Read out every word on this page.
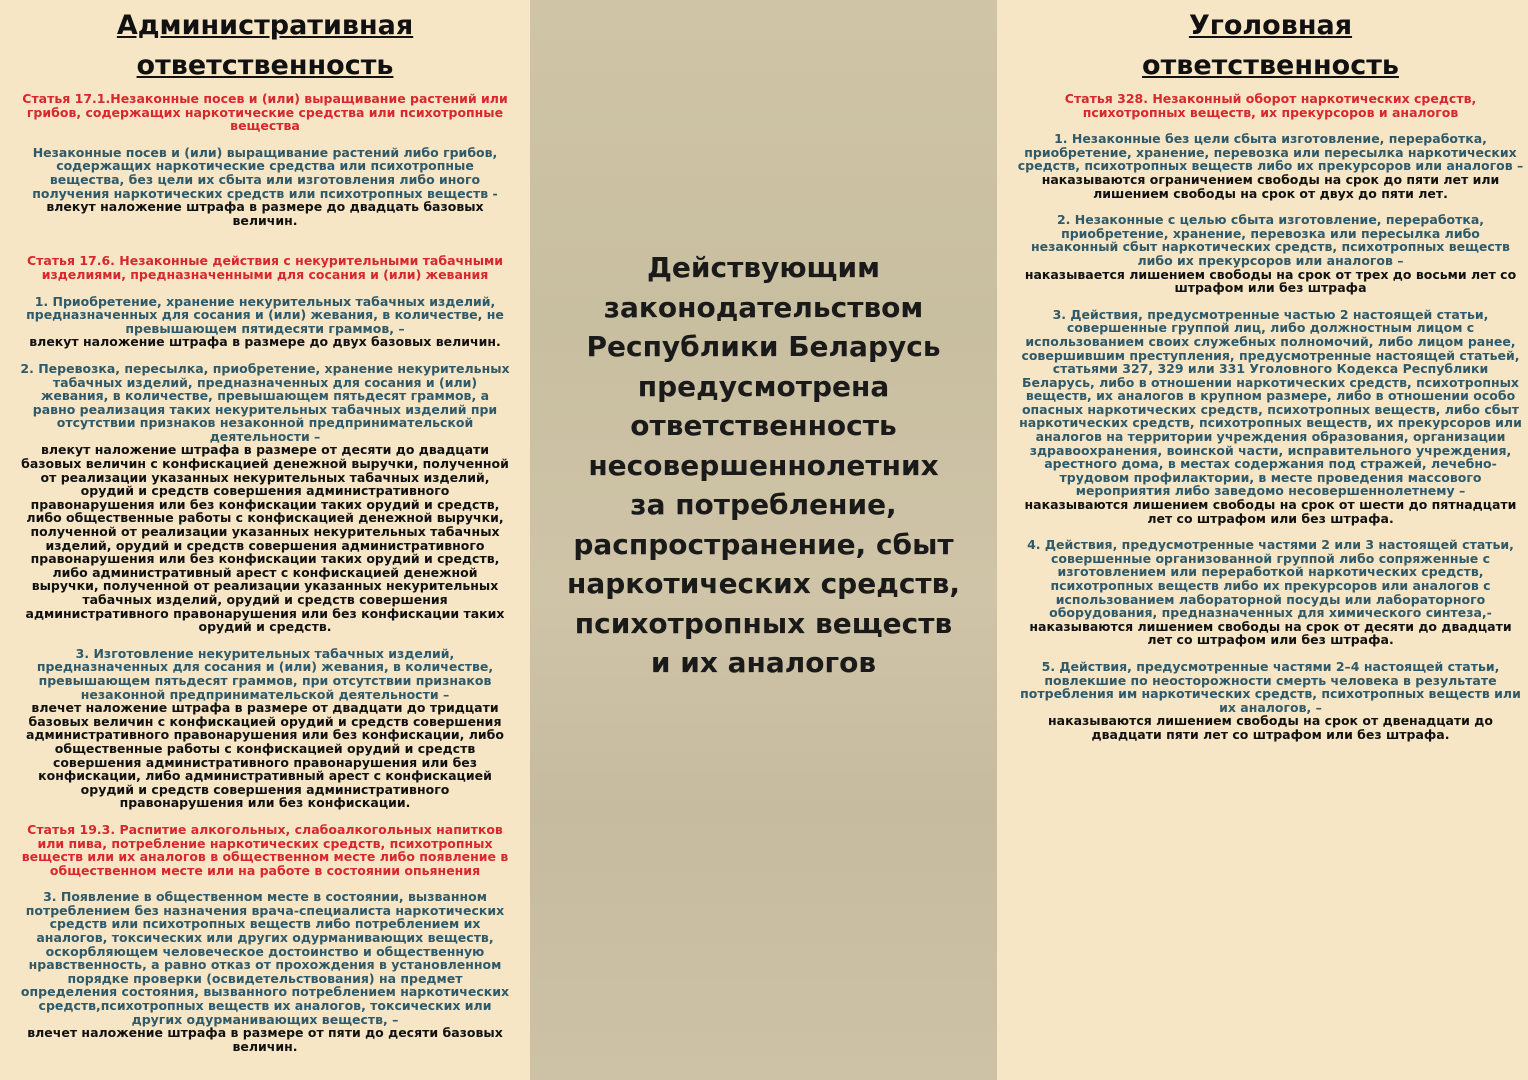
Административная
ответственность
Статья 17.1.Незаконные посев и (или) выращивание растений или грибов, содержащих наркотические средства или психотропные вещества
Незаконные посев и (или) выращивание растений либо грибов, содержащих наркотические средства или психотропные вещества, без цели их сбыта или изготовления либо иного получения наркотических средств или психотропных веществ -
влекут наложение штрафа в размере до двадцать базовых величин.
Статья 17.6. Незаконные действия с некурительными табачными изделиями, предназначенными для сосания и (или) жевания
1. Приобретение, хранение некурительных табачных изделий, предназначенных для сосания и (или) жевания, в количестве, не превышающем пятидесяти граммов, –
влекут наложение штрафа в размере до двух базовых величин.
2. Перевозка, пересылка, приобретение, хранение некурительных табачных изделий, предназначенных для сосания и (или) жевания, в количестве, превышающем пятьдесят граммов, а равно реализация таких некурительных табачных изделий при отсутствии признаков незаконной предпринимательской деятельности –
влекут наложение штрафа в размере от десяти до двадцати базовых величин с конфискацией денежной выручки, полученной от реализации указанных некурительных табачных изделий, орудий и средств совершения административного правонарушения или без конфискации таких орудий и средств, либо общественные работы с конфискацией денежной выручки, полученной от реализации указанных некурительных табачных изделий, орудий и средств совершения административного правонарушения или без конфискации таких орудий и средств, либо административный арест с конфискацией денежной выручки, полученной от реализации указанных некурительных табачных изделий, орудий и средств совершения административного правонарушения или без конфискации таких орудий и средств.
3. Изготовление некурительных табачных изделий, предназначенных для сосания и (или) жевания, в количестве, превышающем пятьдесят граммов, при отсутствии признаков незаконной предпринимательской деятельности –
влечет наложение штрафа в размере от двадцати до тридцати базовых величин с конфискацией орудий и средств совершения административного правонарушения или без конфискации, либо общественные работы с конфискацией орудий и средств совершения административного правонарушения или без конфискации, либо административный арест с конфискацией орудий и средств совершения административного правонарушения или без конфискации.
Статья 19.3. Распитие алкогольных, слабоалкогольных напитков или пива, потребление наркотических средств, психотропных веществ или их аналогов в общественном месте либо появление в общественном месте или на работе в состоянии опьянения
3. Появление в общественном месте в состоянии, вызванном потреблением без назначения врача-специалиста наркотических средств или психотропных веществ либо потреблением их аналогов, токсических или других одурманивающих веществ, оскорбляющем человеческое достоинство и общественную нравственность, а равно отказ от прохождения в установленном порядке проверки (освидетельствования) на предмет определения состояния, вызванного потреблением наркотических средств,психотропных веществ их аналогов, токсических или других одурманивающих веществ, –
влечет наложение штрафа в размере от пяти до десяти базовых величин.
Действующим
законодательством
Республики Беларусь
предусмотрена
ответственность
несовершеннолетних
за потребление,
распространение, сбыт
наркотических средств,
психотропных веществ
и их аналогов
Уголовная
ответственность
Статья 328. Незаконный оборот наркотических средств, психотропных веществ, их прекурсоров и аналогов
1. Незаконные без цели сбыта изготовление, переработка, приобретение, хранение, перевозка или пересылка наркотических средств, психотропных веществ либо их прекурсоров или аналогов –
наказываются ограничением свободы на срок до пяти лет или лишением свободы на срок от двух до пяти лет.
2. Незаконные с целью сбыта изготовление, переработка, приобретение, хранение, перевозка или пересылка либо незаконный сбыт наркотических средств, психотропных веществ либо их прекурсоров или аналогов –
наказывается лишением свободы на срок от трех до восьми лет со штрафом или без штрафа
3. Действия, предусмотренные частью 2 настоящей статьи, совершенные группой лиц, либо должностным лицом с использованием своих служебных полномочий, либо лицом ранее, совершившим преступления, предусмотренные настоящей статьей, статьями 327, 329 или 331 Уголовного Кодекса Республики Беларусь, либо в отношении наркотических средств, психотропных веществ, их аналогов в крупном размере, либо в отношении особо опасных наркотических средств, психотропных веществ, либо сбыт наркотических средств, психотропных веществ, их прекурсоров или аналогов на территории учреждения образования, организации здравоохранения, воинской части, исправительного учреждения, арестного дома, в местах содержания под стражей, лечебно-трудовом профилактории, в месте проведения массового мероприятия либо заведомо несовершеннолетнему –
наказываются лишением свободы на срок от шести до пятнадцати лет со штрафом или без штрафа.
4. Действия, предусмотренные частями 2 или 3 настоящей статьи, совершенные организованной группой либо сопряженные с изготовлением или переработкой наркотических средств, психотропных веществ либо их прекурсоров или аналогов с использованием лабораторной посуды или лабораторного оборудования, предназначенных для химического синтеза,-
наказываются лишением свободы на срок от десяти до двадцати лет со штрафом или без штрафа.
5. Действия, предусмотренные частями 2–4 настоящей статьи, повлекшие по неосторожности смерть человека в результате потребления им наркотических средств, психотропных веществ или их аналогов, –
наказываются лишением свободы на срок от двенадцати до двадцати пяти лет со штрафом или без штрафа.
